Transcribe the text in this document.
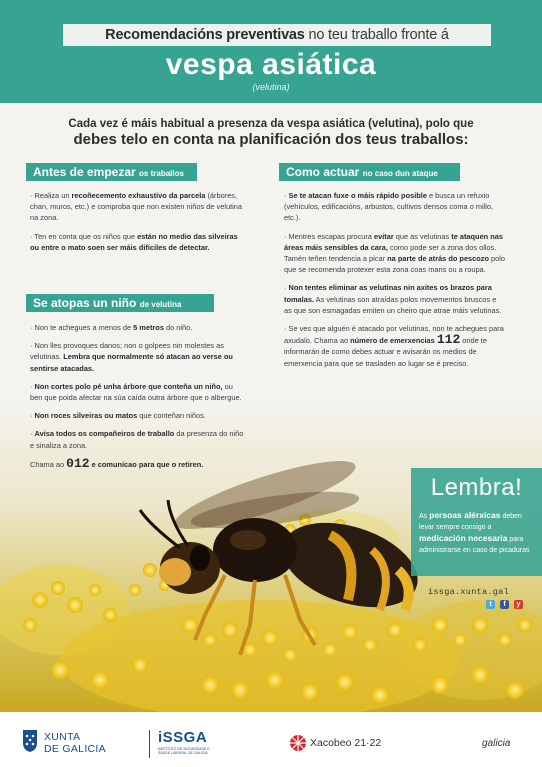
Recomendacións preventivas no teu traballo fronte á
vespa asiática
(velutina)
Cada vez é máis habitual a presenza da vespa asiática (velutina), polo que
debes telo en conta na planificación dos teus traballos:
Antes de empezar os traballos

· Realiza un recoñecemento exhaustivo da parcela (árbores, chan, muros, etc.) e comproba que non existen niños de velutina na zona.

· Ten en conta que os niños que están no medio das silveiras ou entre o mato soen ser máis difíciles de detectar.

Se atopas un niño de velutina

· Non te achegues a menos de 5 metros do niño.

· Non lles provoques danos; non o golpees nin molestes as velutinas. Lembra que normalmente só atacan ao verse ou sentirse atacadas.

· Non cortes polo pé unha árbore que conteña un niño, ou ben que poida afectar na súa caída outra árbore que o albergue.

· Non roces silveiras ou matos que conteñan niños.

· Avisa todos os compañeiros de traballo da presenza do niño e sinaliza a zona.

Chama ao 012 e comunícao para que o retiren.

Como actuar no caso dun ataque

· Se te atacan fuxe o máis rápido posible e busca un refuxio (vehículos, edificacións, arbustos, cultivos densos coma o millo, etc.).

· Mentres escapas procura evitar que as velutinas te ataquen nas áreas máis sensibles da cara, como pode ser a zona dos ollos. Tamén teñen tendencia a picar na parte de atrás do pescozo polo que se recomenda protexer esta zona coas mans ou a roupa.

· Non tentes eliminar as velutinas nin axites os brazos para tomalas. As velutinas son atraídas polos movementos bruscos e as que son esmagadas emiten un cheiro que atrae máis velutinas.

· Se ves que alguén é atacado por velutinas, non te achegues para axudalo. Chama ao número de emerxencias 112 onde te informarán de como debes actuar e avisarán os medios de emerxencia para que se trasladen ao lugar se é preciso.

Lembra!
As persoas alérxicas deben levar sempre consigo a medicación necesaria para administrarse en caso de picaduras
issga.xunta.gal
t	f	y
XUNTA
DE GALICIA
iSSGA
INSTITUTO DE SEGURIDADE E SAÚDE LABORAL DE GALICIA
Xacobeo 21·22	galicia
